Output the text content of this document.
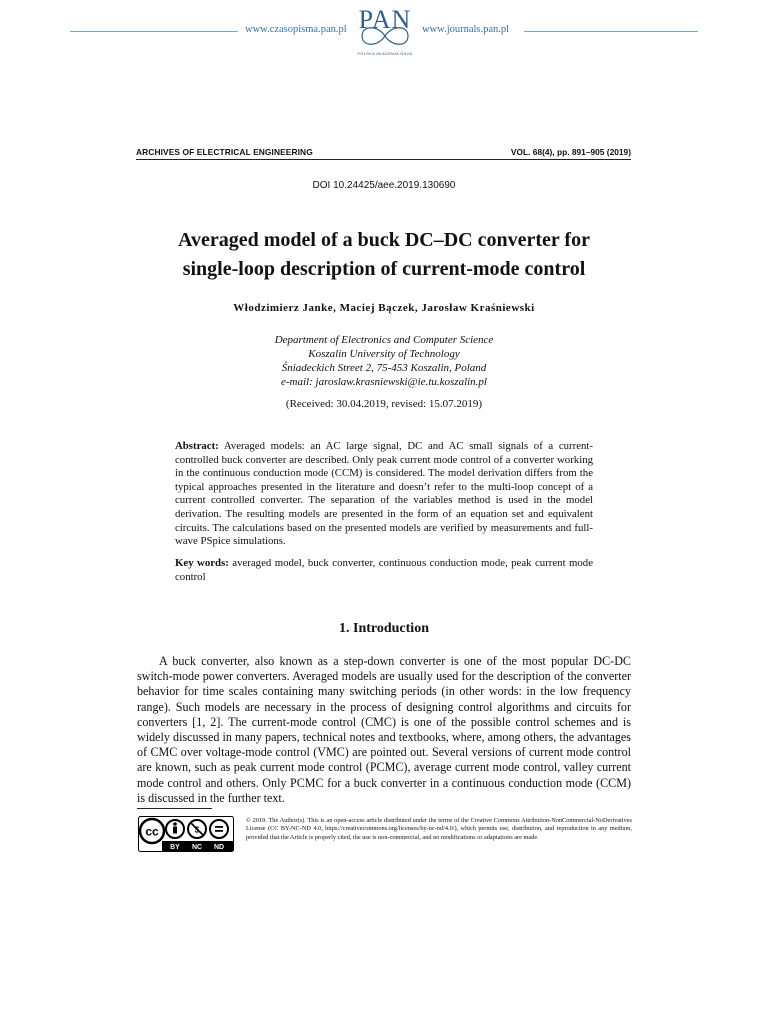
www.czasopisma.pan.pl PAN
POLSKA AKADEMIA NAUK
www.journals.pan.pl
ARCHIVES OF ELECTRICAL ENGINEERING	VOL. 68(4), pp. 891–905 (2019)
DOI 10.24425/aee.2019.130690
Averaged model of a buck DC–DC converter for
single-loop description of current-mode control
Włodzimierz Janke, Maciej Bączek, Jarosław Kraśniewski
Department of Electronics and Computer Science
Koszalin University of Technology
Śniadeckich Street 2, 75-453 Koszalin, Poland
e-mail: jaroslaw.krasniewski@ie.tu.koszalin.pl
(Received: 30.04.2019, revised: 15.07.2019)
Abstract: Averaged models: an AC large signal, DC and AC small signals of a current-controlled buck converter are described. Only peak current mode control of a converter working in the continuous conduction mode (CCM) is considered. The model derivation differs from the typical approaches presented in the literature and doesn’t refer to the multi-loop concept of a current controlled converter. The separation of the variables method is used in the model derivation. The resulting models are presented in the form of an equation set and equivalent circuits. The calculations based on the presented models are verified by measurements and full-wave PSpice simulations.
Key words: averaged model, buck converter, continuous conduction mode, peak current mode control
1. Introduction
A buck converter, also known as a step-down converter is one of the most popular DC-DC switch-mode power converters. Averaged models are usually used for the description of the converter behavior for time scales containing many switching periods (in other words: in the low frequency range). Such models are necessary in the process of designing control algorithms and circuits for converters [1, 2]. The current-mode control (CMC) is one of the possible control schemes and is widely discussed in many papers, technical notes and textbooks, where, among others, the advantages of CMC over voltage-mode control (VMC) are pointed out. Several versions of current mode control are known, such as peak current mode control (PCMC), average current mode control, valley current mode control and others. Only PCMC for a buck converter in a continuous conduction mode (CCM) is discussed in the further text.
cc	$
BY NC ND
© 2019. The Author(s). This is an open-access article distributed under the terms of the Creative Commons Attribution-NonCommercial-NoDerivatives License (CC BY-NC-ND 4.0, https://creativecommons.org/licenses/by-nc-nd/4.0/), which permits use, distribution, and reproduction in any medium, provided that the Article is properly cited, the use is non-commercial, and no modifications or adaptations are made.
